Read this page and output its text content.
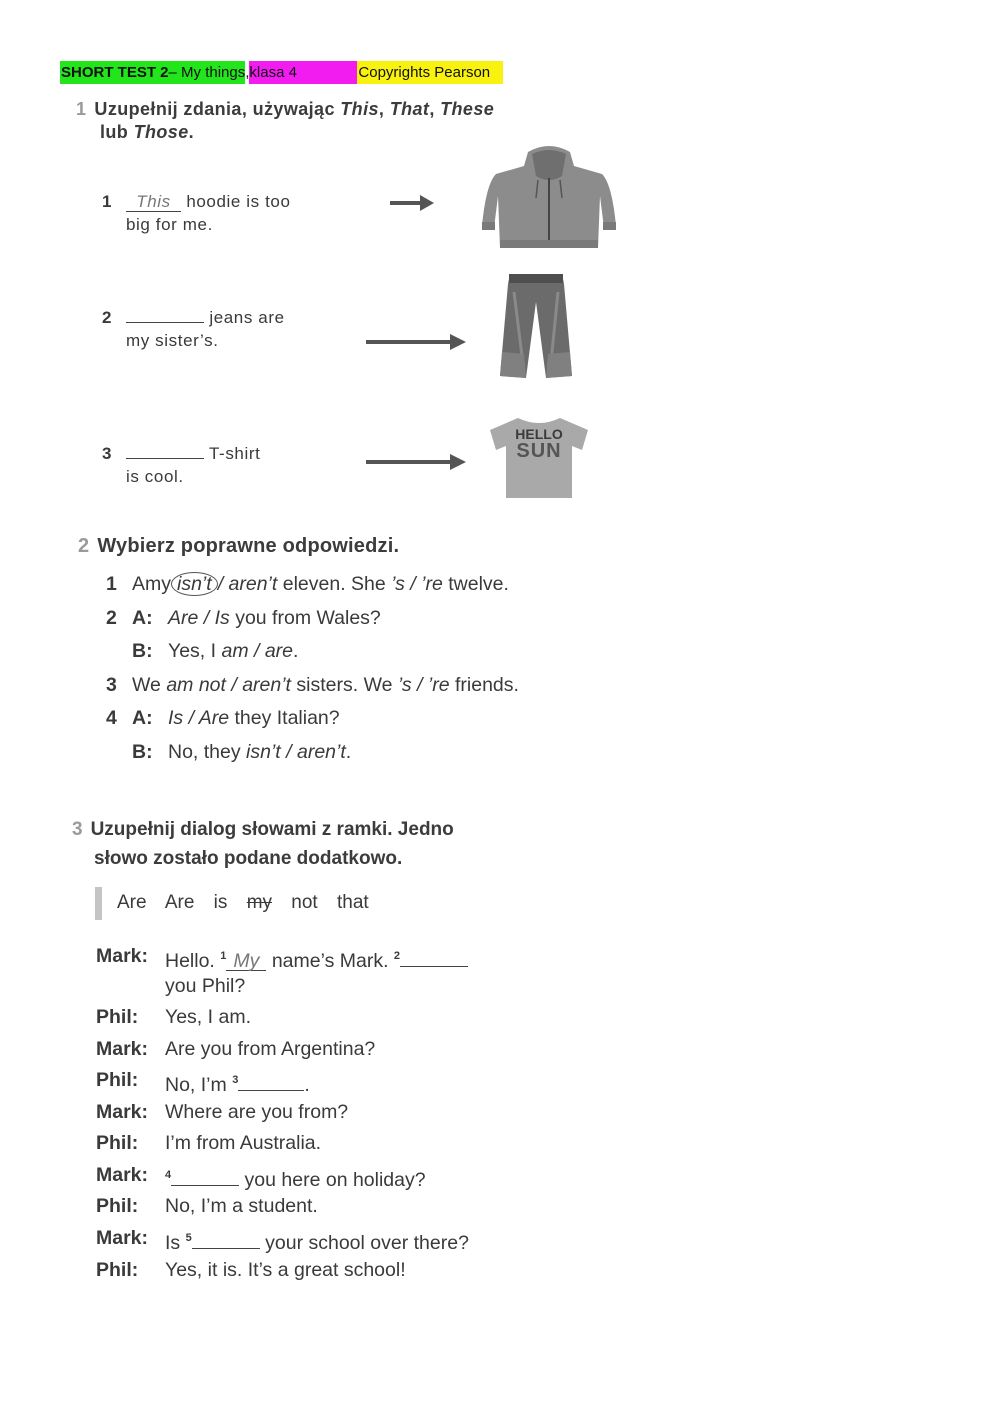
SHORT TEST 2– My things , klasa 4	Copyrights Pearson
1 Uzupełnij zdania, używając This, That, These
lub Those.
1 This hoodie is too
big for me.
2	jeans are
my sister’s.
3	T-shirt
is cool.
HELLO
SUN
2 Wybierz poprawne odpowiedzi.
1 Amy isn’t / aren’t eleven. She ’s / ’re twelve.
2 A: Are / Is you from Wales?
B: Yes, I am / are.
3 We am not / aren’t sisters. We ’s / ’re friends.
4 A: Is / Are they Italian?
B: No, they isn’t / aren’t.
3 Uzupełnij dialog słowami z ramki. Jedno
słowo zostało podane dodatkowo.
Are Are is my not that
Mark: Hello. $^1$ My name’s Mark. $^2$
you Phil?
Phil:	Yes, I am.
Mark: Are you from Argentina?
Phil:	No, I’m $^3$	.
Mark: Where are you from?
Phil:	I’m from Australia.
Mark:	$^4$	you here on holiday?
Phil:	No, I’m a student.
Mark: Is $^5$	your school over there?
Phil:	Yes, it is. It’s a great school!
